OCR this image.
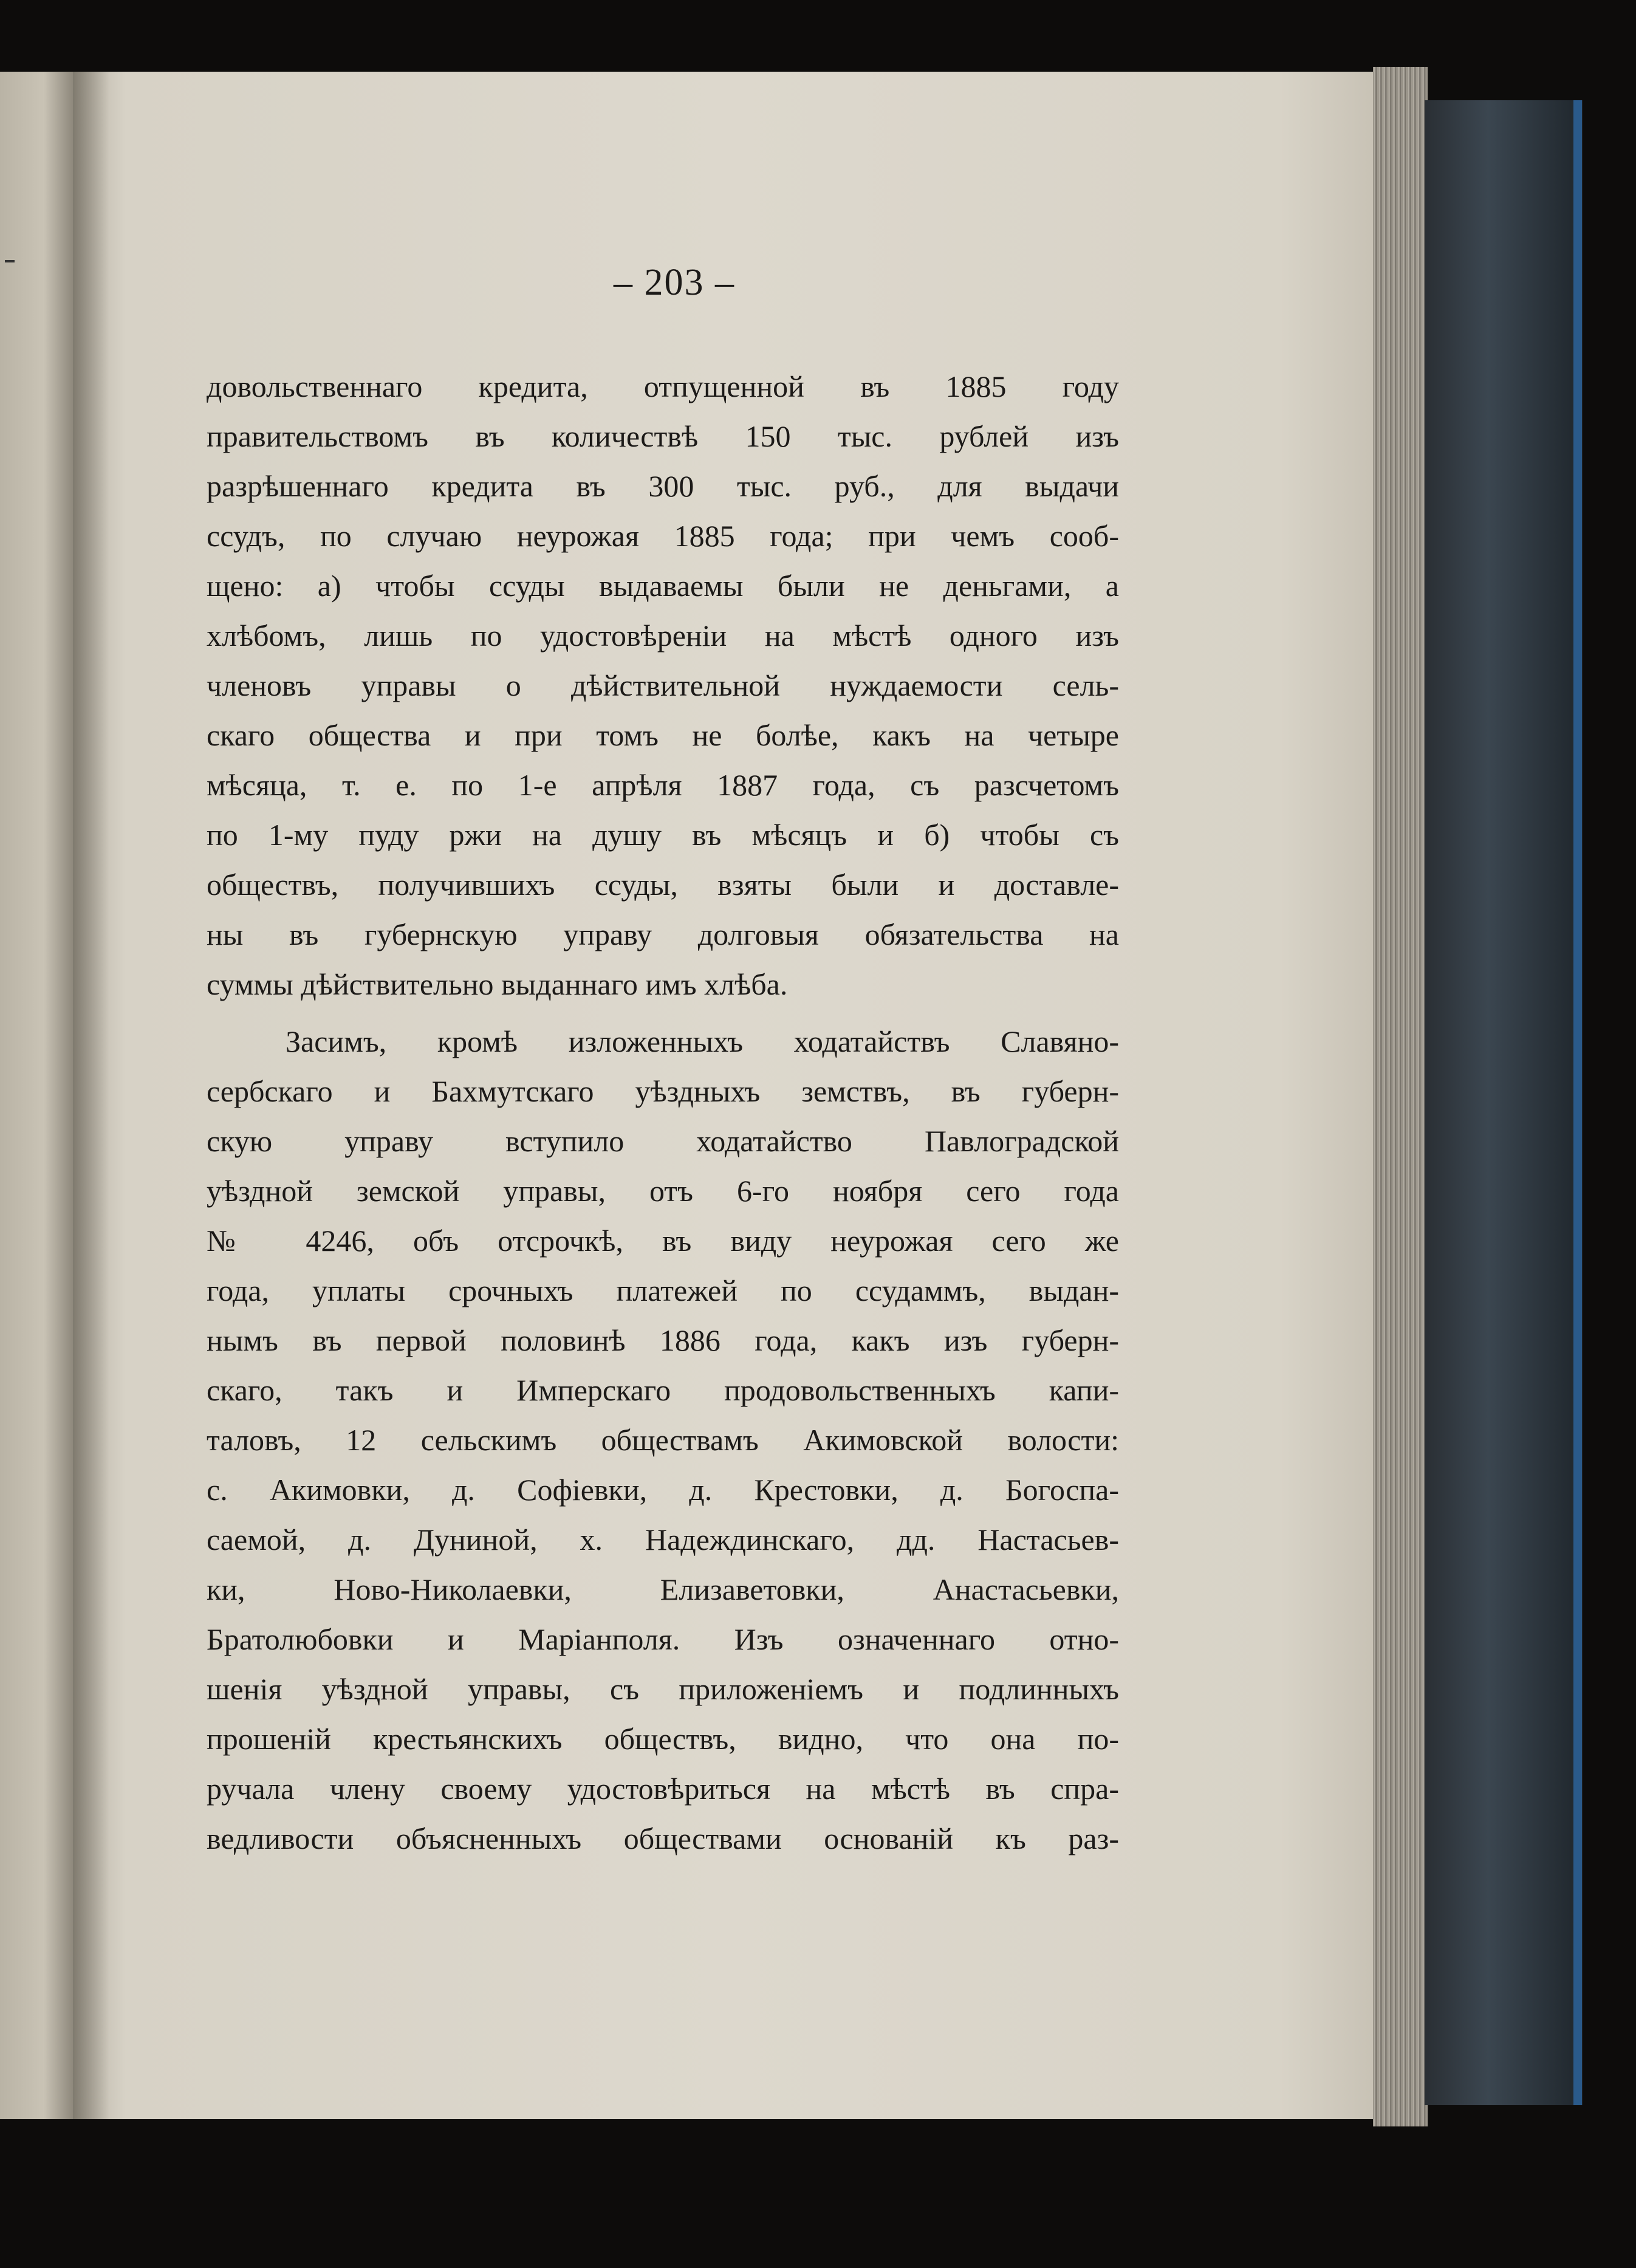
– 203 –
довольственнаго кредита, отпущенной въ 1885 году
правительствомъ въ количествѣ 150 тыс. рублей изъ
разрѣшеннаго кредита въ 300 тыс. руб., для выдачи
ссудъ, по случаю неурожая 1885 года; при чемъ сооб-
щено: а) чтобы ссуды выдаваемы были не деньгами, а
хлѣбомъ, лишь по удостовѣреніи на мѣстѣ одного изъ
членовъ управы о дѣйствительной нуждаемости сель-
скаго общества и при томъ не болѣе, какъ на четыре
мѣсяца, т. е. по 1-е апрѣля 1887 года, съ разсчетомъ
по 1-му пуду ржи на душу въ мѣсяцъ и б) чтобы съ
обществъ, получившихъ ссуды, взяты были и доставле-
ны въ губернскую управу долговыя обязательства на
суммы дѣйствительно выданнаго имъ хлѣба.
Засимъ, кромѣ изложенныхъ ходатайствъ Славяно-
сербскаго и Бахмутскаго уѣздныхъ земствъ, въ губерн-
скую управу вступило ходатайство Павлоградской
уѣздной земской управы, отъ 6-го ноября сего года
№ 4246, объ отсрочкѣ, въ виду неурожая сего же
года, уплаты срочныхъ платежей по ссудаммъ, выдан-
нымъ въ первой половинѣ 1886 года, какъ изъ губерн-
скаго, такъ и Имперскаго продовольственныхъ капи-
таловъ, 12 сельскимъ обществамъ Акимовской волости:
с. Акимовки, д. Софіевки, д. Крестовки, д. Богоспа-
саемой, д. Дуниной, х. Надеждинскаго, дд. Настасьев-
ки, Ново-Николаевки, Елизаветовки, Анастасьевки,
Братолюбовки и Маріанполя. Изъ означеннаго отно-
шенія уѣздной управы, съ приложеніемъ и подлинныхъ
прошеній крестьянскихъ обществъ, видно, что она по-
ручала члену своему удостовѣриться на мѣстѣ въ спра-
ведливости объясненныхъ обществами основаній къ раз-
